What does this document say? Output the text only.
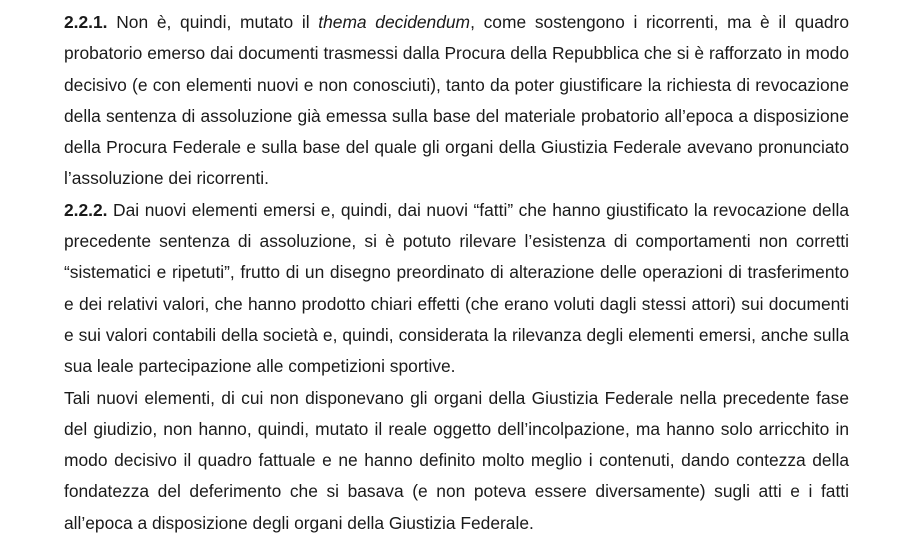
2.2.1. Non è, quindi, mutato il thema decidendum, come sostengono i ricorrenti, ma è il quadro probatorio emerso dai documenti trasmessi dalla Procura della Repubblica che si è rafforzato in modo decisivo (e con elementi nuovi e non conosciuti), tanto da poter giustificare la richiesta di revocazione della sentenza di assoluzione già emessa sulla base del materiale probatorio all’epoca a disposizione della Procura Federale e sulla base del quale gli organi della Giustizia Federale avevano pronunciato l’assoluzione dei ricorrenti.

2.2.2. Dai nuovi elementi emersi e, quindi, dai nuovi “fatti” che hanno giustificato la revocazione della precedente sentenza di assoluzione, si è potuto rilevare l’esistenza di comportamenti non corretti “sistematici e ripetuti”, frutto di un disegno preordinato di alterazione delle operazioni di trasferimento e dei relativi valori, che hanno prodotto chiari effetti (che erano voluti dagli stessi attori) sui documenti e sui valori contabili della società e, quindi, considerata la rilevanza degli elementi emersi, anche sulla sua leale partecipazione alle competizioni sportive.

Tali nuovi elementi, di cui non disponevano gli organi della Giustizia Federale nella precedente fase del giudizio, non hanno, quindi, mutato il reale oggetto dell’incolpazione, ma hanno solo arricchito in modo decisivo il quadro fattuale e ne hanno definito molto meglio i contenuti, dando contezza della fondatezza del deferimento che si basava (e non poteva essere diversamente) sugli atti e i fatti all’epoca a disposizione degli organi della Giustizia Federale.
